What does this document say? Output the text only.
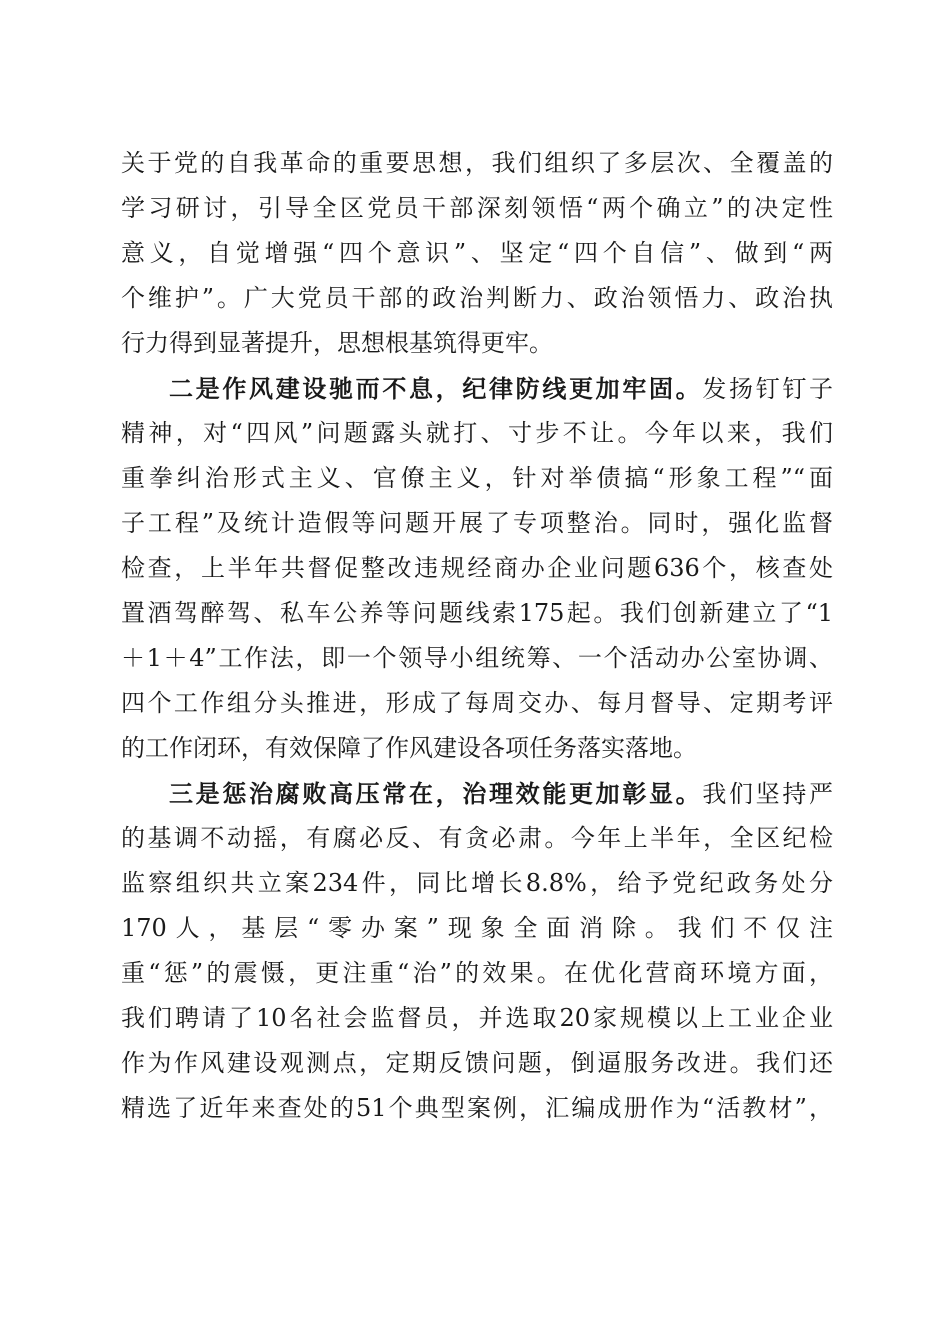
关于党的自我革命的重要思想，我们组织了多层次、全覆盖的
学习研讨，引导全区党员干部深刻领悟“两个确立”的决定性
意义，自觉增强“四个意识”、坚定“四个自信”、做到“两
个维护”。广大党员干部的政治判断力、政治领悟力、政治执
行力得到显著提升，思想根基筑得更牢。
二是作风建设驰而不息，纪律防线更加牢固。发扬钉钉子
精神，对“四风”问题露头就打、寸步不让。今年以来，我们
重拳纠治形式主义、官僚主义，针对举债搞“形象工程”“面
子工程”及统计造假等问题开展了专项整治。同时，强化监督
检查，上半年共督促整改违规经商办企业问题636个，核查处
置酒驾醉驾、私车公养等问题线索175起。我们创新建立了“1
＋1＋4”工作法，即一个领导小组统筹、一个活动办公室协调、
四个工作组分头推进，形成了每周交办、每月督导、定期考评
的工作闭环，有效保障了作风建设各项任务落实落地。
三是惩治腐败高压常在，治理效能更加彰显。我们坚持严
的基调不动摇，有腐必反、有贪必肃。今年上半年，全区纪检
监察组织共立案234件，同比增长8.8%，给予党纪政务处分
170人，基层“零办案”现象全面消除。我们不仅注
重“惩”的震慑，更注重“治”的效果。在优化营商环境方面，
我们聘请了10名社会监督员，并选取20家规模以上工业企业
作为作风建设观测点，定期反馈问题，倒逼服务改进。我们还
精选了近年来查处的51个典型案例，汇编成册作为“活教材”，
